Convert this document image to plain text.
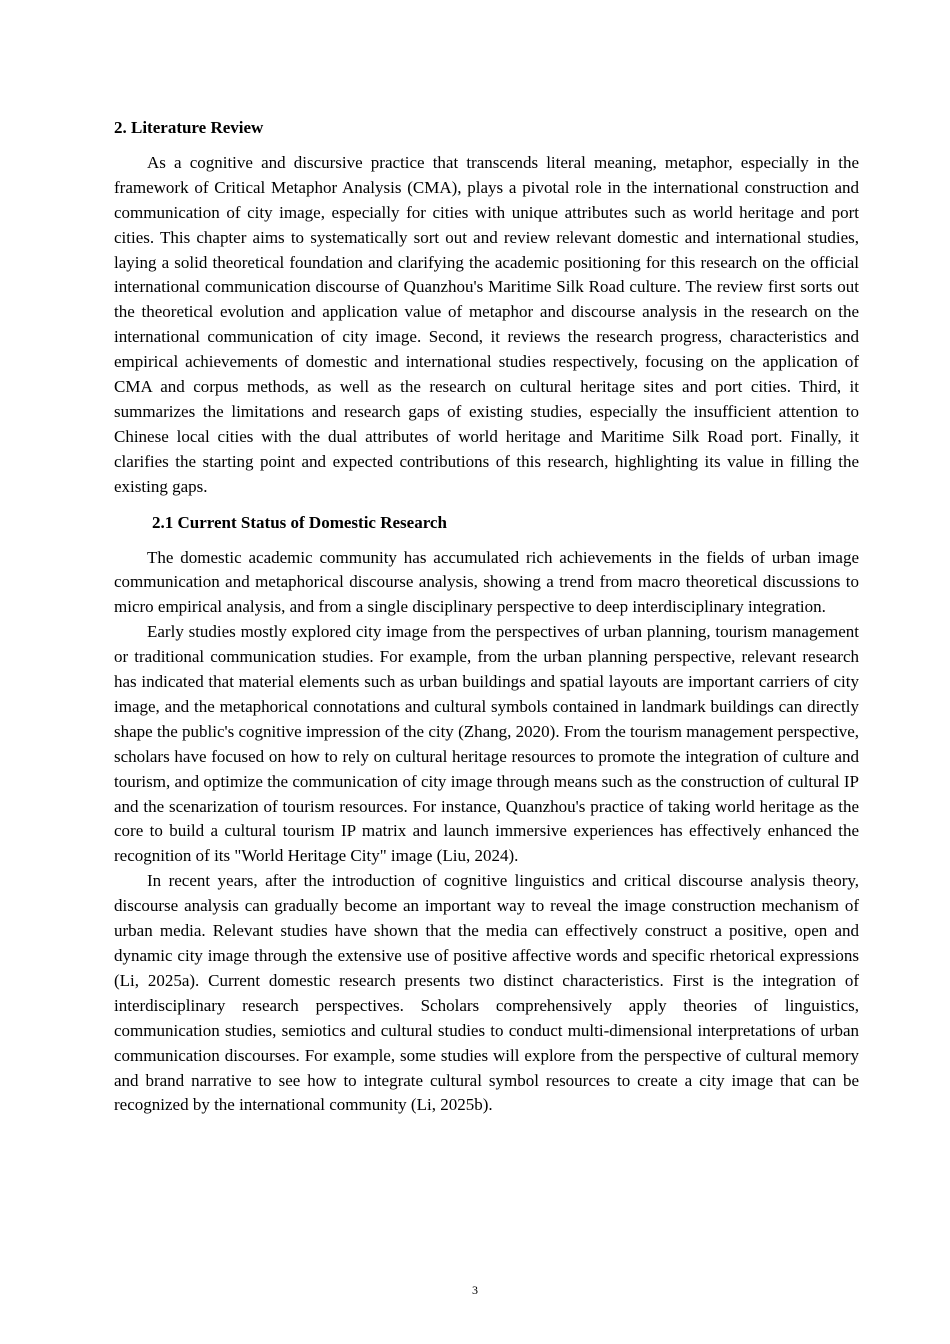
2. Literature Review

As a cognitive and discursive practice that transcends literal meaning, metaphor, especially in the framework of Critical Metaphor Analysis (CMA), plays a pivotal role in the international construction and communication of city image, especially for cities with unique attributes such as world heritage and port cities. This chapter aims to systematically sort out and review relevant domestic and international studies, laying a solid theoretical foundation and clarifying the academic positioning for this research on the official international communication discourse of Quanzhou's Maritime Silk Road culture. The review first sorts out the theoretical evolution and application value of metaphor and discourse analysis in the research on the international communication of city image. Second, it reviews the research progress, characteristics and empirical achievements of domestic and international studies respectively, focusing on the application of CMA and corpus methods, as well as the research on cultural heritage sites and port cities. Third, it summarizes the limitations and research gaps of existing studies, especially the insufficient attention to Chinese local cities with the dual attributes of world heritage and Maritime Silk Road port. Finally, it clarifies the starting point and expected contributions of this research, highlighting its value in filling the existing gaps.

2.1 Current Status of Domestic Research

The domestic academic community has accumulated rich achievements in the fields of urban image communication and metaphorical discourse analysis, showing a trend from macro theoretical discussions to micro empirical analysis, and from a single disciplinary perspective to deep interdisciplinary integration.

Early studies mostly explored city image from the perspectives of urban planning, tourism management or traditional communication studies. For example, from the urban planning perspective, relevant research has indicated that material elements such as urban buildings and spatial layouts are important carriers of city image, and the metaphorical connotations and cultural symbols contained in landmark buildings can directly shape the public's cognitive impression of the city (Zhang, 2020). From the tourism management perspective, scholars have focused on how to rely on cultural heritage resources to promote the integration of culture and tourism, and optimize the communication of city image through means such as the construction of cultural IP and the scenarization of tourism resources. For instance, Quanzhou's practice of taking world heritage as the core to build a cultural tourism IP matrix and launch immersive experiences has effectively enhanced the recognition of its "World Heritage City" image (Liu, 2024).

In recent years, after the introduction of cognitive linguistics and critical discourse analysis theory, discourse analysis can gradually become an important way to reveal the image construction mechanism of urban media. Relevant studies have shown that the media can effectively construct a positive, open and dynamic city image through the extensive use of positive affective words and specific rhetorical expressions (Li, 2025a). Current domestic research presents two distinct characteristics. First is the integration of interdisciplinary research perspectives. Scholars comprehensively apply theories of linguistics, communication studies, semiotics and cultural studies to conduct multi-dimensional interpretations of urban communication discourses. For example, some studies will explore from the perspective of cultural memory and brand narrative to see how to integrate cultural symbol resources to create a city image that can be recognized by the international community (Li, 2025b).

3
